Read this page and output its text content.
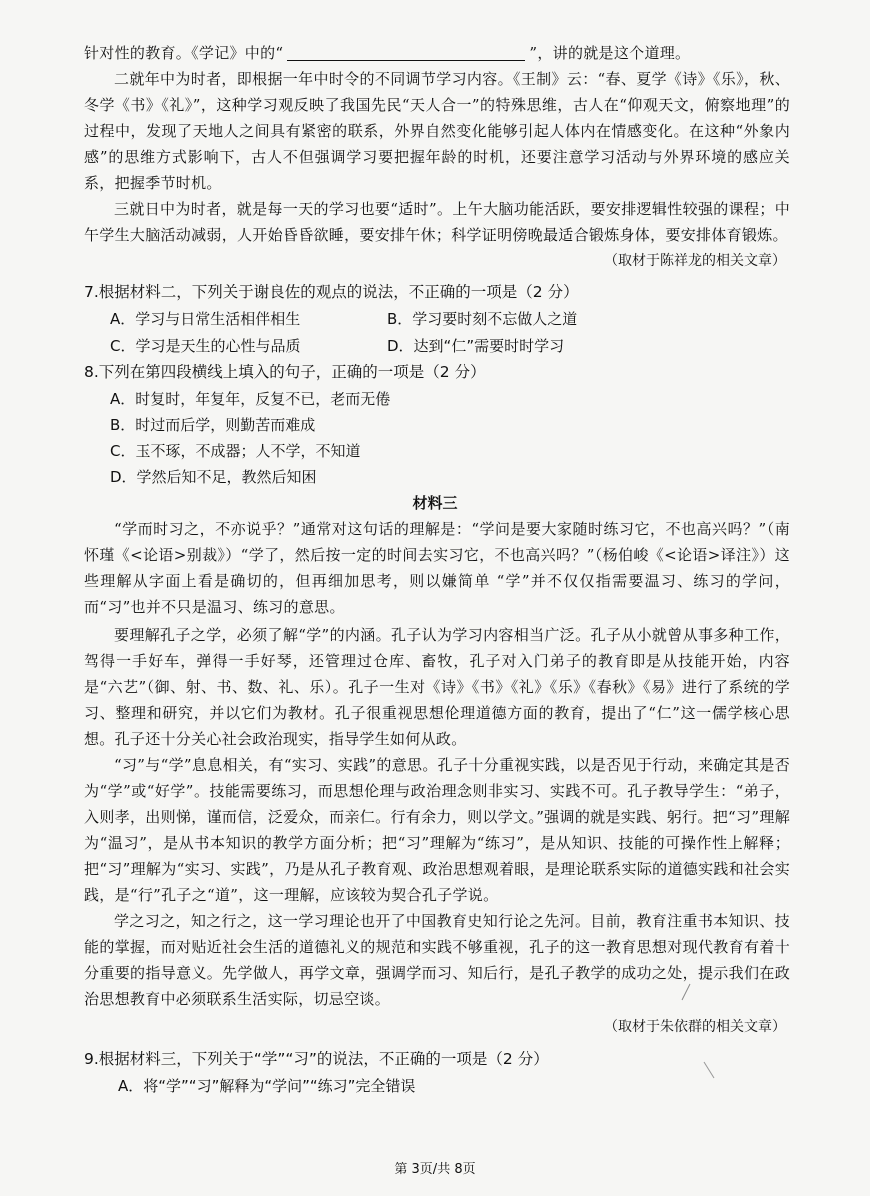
针对性的教育。《学记》中的“	”，讲的就是这个道理。
二就年中为时者，即根据一年中时令的不同调节学习内容。《王制》云：“春、夏学《诗》《乐》，秋、冬学《书》《礼》”，这种学习观反映了我国先民“天人合一”的特殊思维，古人在“仰观天文，俯察地理”的过程中，发现了天地人之间具有紧密的联系，外界自然变化能够引起人体内在情感变化。在这种“外象内感”的思维方式影响下，古人不但强调学习要把握年龄的时机，还要注意学习活动与外界环境的感应关系，把握季节时机。
三就日中为时者，就是每一天的学习也要“适时”。上午大脑功能活跃，要安排逻辑性较强的课程；中午学生大脑活动减弱，人开始昏昏欲睡，要安排午休；科学证明傍晚最适合锻炼身体，要安排体育锻炼。
（取材于陈祥龙的相关文章）
7.根据材料二，下列关于谢良佐的观点的说法，不正确的一项是（2 分）
A．学习与日常生活相伴相生	B．学习要时刻不忘做人之道
C．学习是天生的心性与品质	D．达到“仁”需要时时学习
8.下列在第四段横线上填入的句子，正确的一项是（2 分）
A．时复时，年复年，反复不已，老而无倦
B．时过而后学，则勤苦而难成
C．玉不琢，不成器；人不学，不知道
D．学然后知不足，教然后知困
材料三
“学而时习之，不亦说乎？”通常对这句话的理解是：“学问是要大家随时练习它，不也高兴吗？”（南怀瑾《<论语>别裁》）“学了，然后按一定的时间去实习它，不也高兴吗？”（杨伯峻《<论语>译注》）这些理解从字面上看是确切的，但再细加思考，则以嫌简单 “学”并不仅仅指需要温习、练习的学问，而“习”也并不只是温习、练习的意思。
要理解孔子之学，必须了解“学”的内涵。孔子认为学习内容相当广泛。孔子从小就曾从事多种工作，驾得一手好车，弹得一手好琴，还管理过仓库、畜牧，孔子对入门弟子的教育即是从技能开始，内容是“六艺”（御、射、书、数、礼、乐）。孔子一生对《诗》《书》《礼》《乐》《春秋》《易》进行了系统的学习、整理和研究，并以它们为教材。孔子很重视思想伦理道德方面的教育，提出了“仁”这一儒学核心思想。孔子还十分关心社会政治现实，指导学生如何从政。
“习”与“学”息息相关，有“实习、实践”的意思。孔子十分重视实践，以是否见于行动，来确定其是否为“学”或“好学”。技能需要练习，而思想伦理与政治理念则非实习、实践不可。孔子教导学生：“弟子，入则孝，出则悌，谨而信，泛爱众，而亲仁。行有余力，则以学文。”强调的就是实践、躬行。把“习”理解为“温习”，是从书本知识的教学方面分析；把“习”理解为“练习”，是从知识、技能的可操作性上解释；把“习”理解为“实习、实践”，乃是从孔子教育观、政治思想观着眼，是理论联系实际的道德实践和社会实践，是“行”孔子之“道”，这一理解，应该较为契合孔子学说。
学之习之，知之行之，这一学习理论也开了中国教育史知行论之先河。目前，教育注重书本知识、技能的掌握，而对贴近社会生活的道德礼义的规范和实践不够重视，孔子的这一教育思想对现代教育有着十分重要的指导意义。先学做人，再学文章，强调学而习、知后行，是孔子教学的成功之处，提示我们在政治思想教育中必须联系生活实际，切忌空谈。
（取材于朱依群的相关文章）
9.根据材料三，下列关于“学”“习”的说法，不正确的一项是（2 分）
A．将“学”“习”解释为“学问”“练习”完全错误
第 3页/共 8页
